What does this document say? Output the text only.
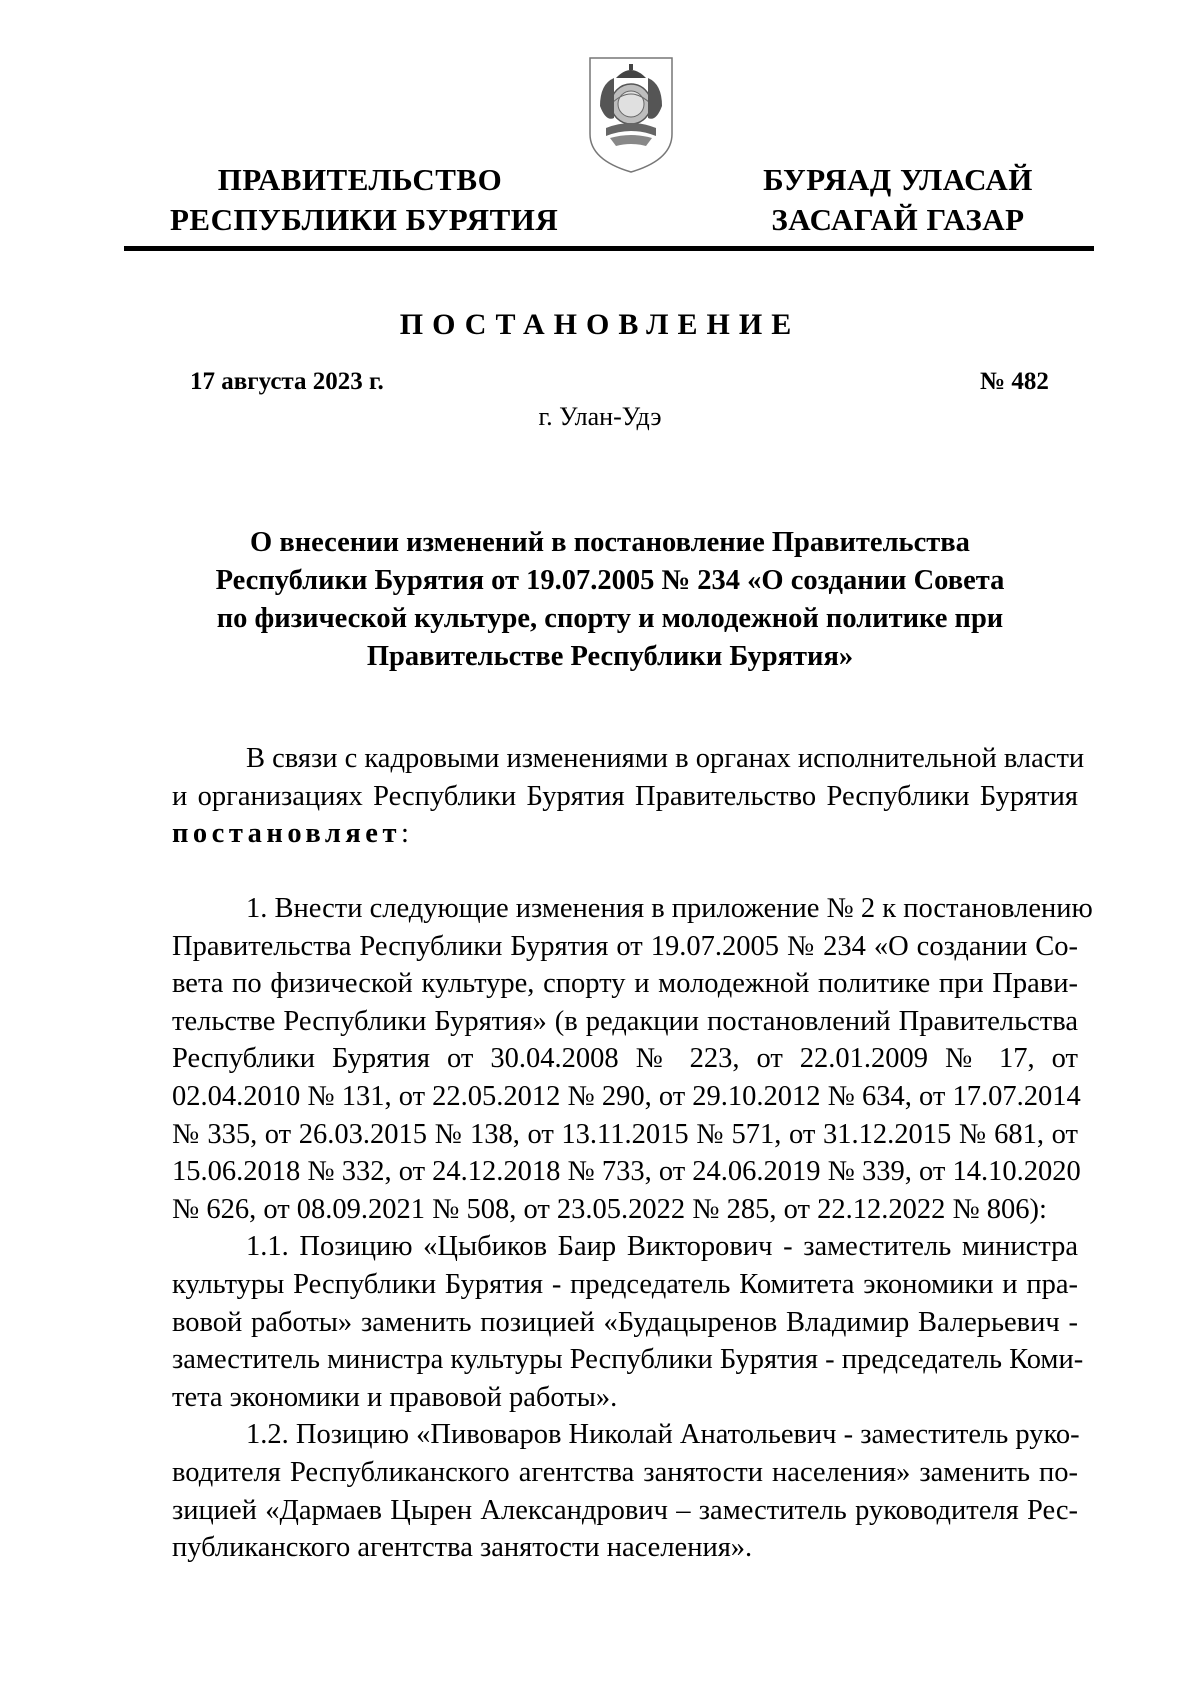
ПРАВИТЕЛЬСТВО
РЕСПУБЛИКИ БУРЯТИЯ
БУРЯАД УЛАСАЙ
ЗАСАГАЙ ГАЗАР
ПОСТАНОВЛЕНИЕ
17 августа 2023 г.	№ 482
г. Улан-Удэ
О внесении изменений в постановление Правительства
Республики Бурятия от 19.07.2005 № 234 «О создании Совета
по физической культуре, спорту и молодежной политике при
Правительстве Республики Бурятия»
В связи с кадровыми изменениями в органах исполнительной власти
и организациях Республики Бурятия Правительство Республики Бурятия
постановляет:
1. Внести следующие изменения в приложение № 2 к постановлению
Правительства Республики Бурятия от 19.07.2005 № 234 «О создании Со-
вета по физической культуре, спорту и молодежной политике при Прави-
тельстве Республики Бурятия» (в редакции постановлений Правительства
Республики Бурятия от 30.04.2008 № 223, от 22.01.2009 № 17, от
02.04.2010 № 131, от 22.05.2012 № 290, от 29.10.2012 № 634, от 17.07.2014
№ 335, от 26.03.2015 № 138, от 13.11.2015 № 571, от 31.12.2015 № 681, от
15.06.2018 № 332, от 24.12.2018 № 733, от 24.06.2019 № 339, от 14.10.2020
№ 626, от 08.09.2021 № 508, от 23.05.2022 № 285, от 22.12.2022 № 806):
1.1. Позицию «Цыбиков Баир Викторович - заместитель министра
культуры Республики Бурятия - председатель Комитета экономики и пра-
вовой работы» заменить позицией «Будацыренов Владимир Валерьевич -
заместитель министра культуры Республики Бурятия - председатель Коми-
тета экономики и правовой работы».
1.2. Позицию «Пивоваров Николай Анатольевич - заместитель руко-
водителя Республиканского агентства занятости населения» заменить по-
зицией «Дармаев Цырен Александрович – заместитель руководителя Рес-
публиканского агентства занятости населения».
